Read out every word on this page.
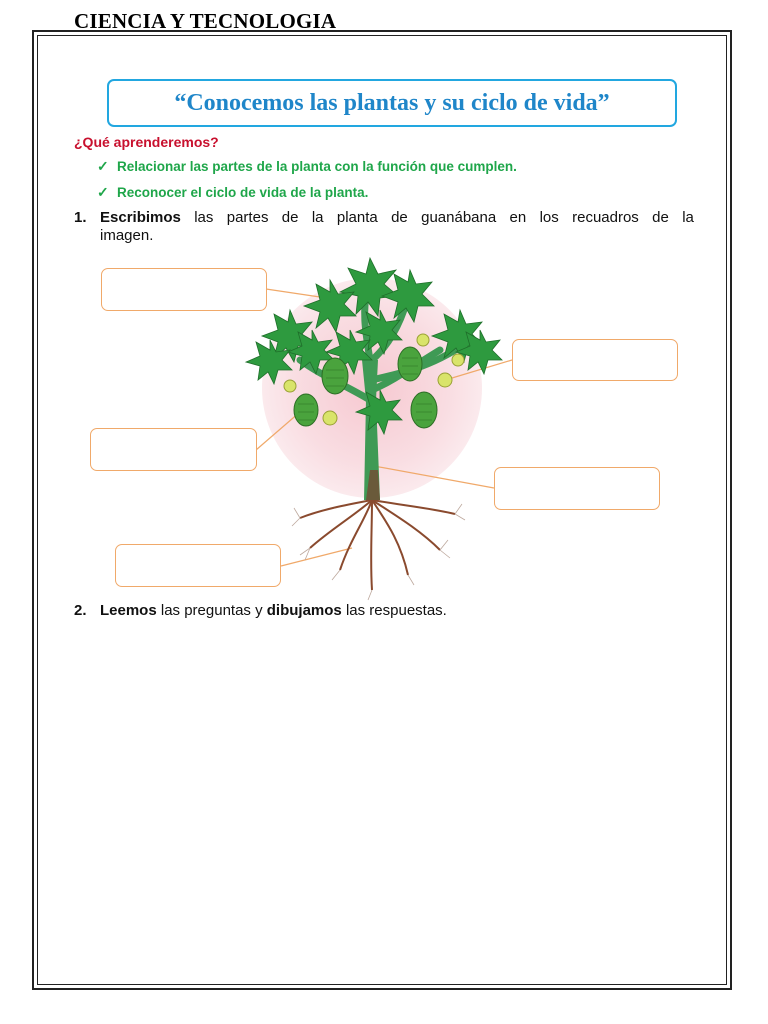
CIENCIA Y TECNOLOGIA
“Conocemos las plantas y su ciclo de vida”
¿Qué aprenderemos?
✓ Relacionar las partes de la planta con la función que cumplen.
✓ Reconocer el ciclo de vida de la planta.
1. Escribimos las partes de la planta de guanábana en los recuadros de la
imagen.
2. Leemos las preguntas y dibujamos las respuestas.
